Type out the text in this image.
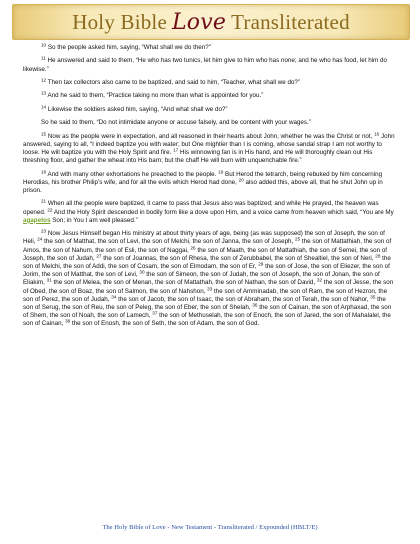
Holy Bible Love Transliterated

$^{10}$ So the people asked him, saying, “What shall we do then?”

$^{11}$ He answered and said to them, “He who has two tunics, let him give to him who has none; and he who has food, let him do likewise.”

$^{12}$ Then tax collectors also came to be baptized, and said to him, “Teacher, what shall we do?”

$^{13}$ And he said to them, “Practice taking no more than what is appointed for you.”

$^{14}$ Likewise the soldiers asked him, saying, “And what shall we do?”

So he said to them, “Do not intimidate anyone or accuse falsely, and be content with your wages.”

$^{15}$ Now as the people were in expectation, and all reasoned in their hearts about John, whether he was the Christ or not, $^{16}$ John answered, saying to all, “I indeed baptize you with water; but One mightier than I is coming, whose sandal strap I am not worthy to loose. He will baptize you with the Holy Spirit and fire. $^{17}$ His winnowing fan is in His hand, and He will thoroughly clean out His threshing floor, and gather the wheat into His barn; but the chaff He will burn with unquenchable fire.”

$^{18}$ And with many other exhortations he preached to the people. $^{19}$ But Herod the tetrarch, being rebuked by him concerning Herodias, his brother Philip’s wife, and for all the evils which Herod had done, $^{20}$ also added this, above all, that he shut John up in prison.

$^{21}$ When all the people were baptized, it came to pass that Jesus also was baptized; and while He prayed, the heaven was opened. $^{22}$ And the Holy Spirit descended in bodily form like a dove upon Him, and a voice came from heaven which said, “You are My agapetos Son; in You I am well pleased.”

$^{23}$ Now Jesus Himself began His ministry at about thirty years of age, being (as was supposed) the son of Joseph, the son of Heli, $^{24}$ the son of Matthat, the son of Levi, the son of Melchi, the son of Janna, the son of Joseph, $^{25}$ the son of Mattathiah, the son of Amos, the son of Nahum, the son of Esli, the son of Naggai, $^{26}$ the son of Maath, the son of Mattathiah, the son of Semei, the son of Joseph, the son of Judah, $^{27}$ the son of Joannas, the son of Rhesa, the son of Zerubbabel, the son of Shealtiel, the son of Neri, $^{28}$ the son of Melchi, the son of Addi, the son of Cosam, the son of Elmodam, the son of Er, $^{29}$ the son of Jose, the son of Eliezer, the son of Jorim, the son of Matthat, the son of Levi, $^{30}$ the son of Simeon, the son of Judah, the son of Joseph, the son of Jonan, the son of Eliakim, $^{31}$ the son of Melea, the son of Menan, the son of Mattathah, the son of Nathan, the son of David, $^{32}$ the son of Jesse, the son of Obed, the son of Boaz, the son of Salmon, the son of Nahshon, $^{33}$ the son of Amminadab, the son of Ram, the son of Hezron, the son of Perez, the son of Judah, $^{34}$ the son of Jacob, the son of Isaac, the son of Abraham, the son of Terah, the son of Nahor, $^{35}$ the son of Serug, the son of Reu, the son of Peleg, the son of Eber, the son of Shelah, $^{36}$ the son of Cainan, the son of Arphaxad, the son of Shem, the son of Noah, the son of Lamech, $^{37}$ the son of Methuselah, the son of Enoch, the son of Jared, the son of Mahalalel, the son of Cainan, $^{38}$ the son of Enosh, the son of Seth, the son of Adam, the son of God.

The Holy Bible of Love - New Testament - Transliterated / Expounded (HBLT/E)
